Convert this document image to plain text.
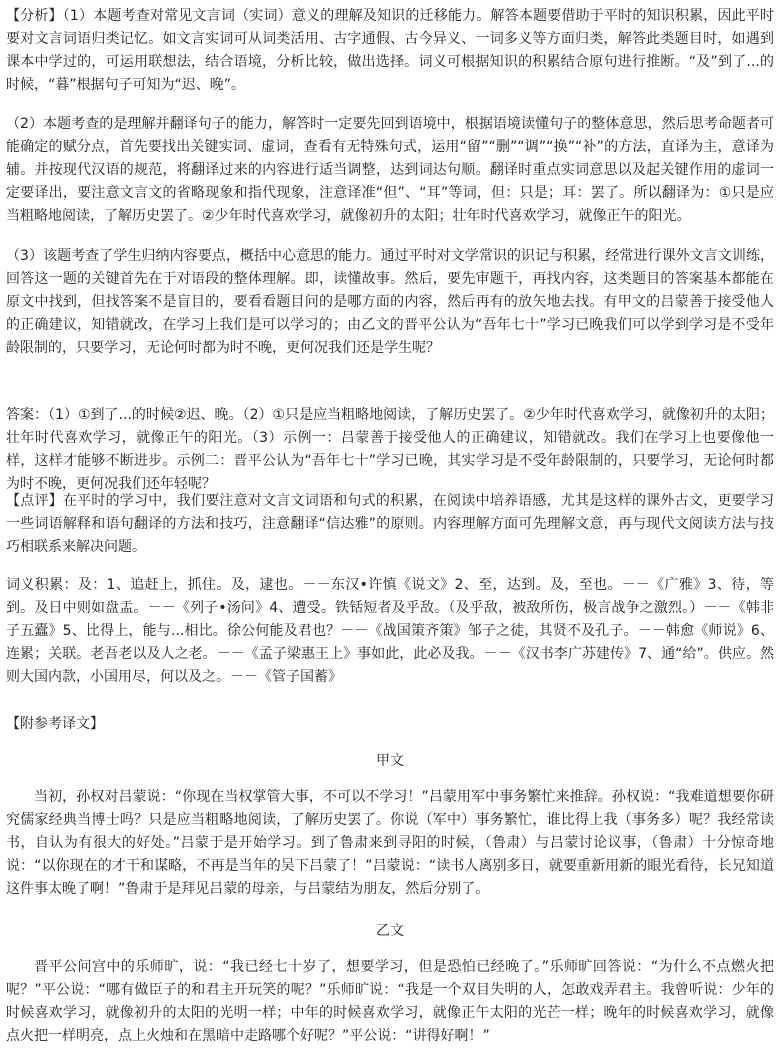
【分析】（1）本题考查对常见文言词（实词）意义的理解及知识的迁移能力。解答本题要借助于平时的知识积累，因此平时要对文言词语归类记忆。如文言实词可从词类活用、古字通假、古今异义、一词多义等方面归类，解答此类题目时，如遇到课本中学过的，可运用联想法，结合语境，分析比较，做出选择。词义可根据知识的积累结合原句进行推断。“及”到了...的时候，“暮”根据句子可知为“迟、晚”。

（2）本题考查的是理解并翻译句子的能力，解答时一定要先回到语境中，根据语境读懂句子的整体意思，然后思考命题者可能确定的赋分点，首先要找出关键实词、虚词，查看有无特殊句式，运用“留”“删”“调”“换”“补”的方法，直译为主，意译为辅。并按现代汉语的规范，将翻译过来的内容进行适当调整，达到词达句顺。翻译时重点实词意思以及起关键作用的虚词一定要译出，要注意文言文的省略现象和指代现象，注意译准“但”、“耳”等词，但：只是；耳：罢了。所以翻译为：①只是应当粗略地阅读，了解历史罢了。②少年时代喜欢学习，就像初升的太阳；壮年时代喜欢学习，就像正午的阳光。

（3）该题考查了学生归纳内容要点，概括中心意思的能力。通过平时对文学常识的识记与积累，经常进行课外文言文训练，回答这一题的关键首先在于对语段的整体理解。即，读懂故事。然后，要先审题干，再找内容，这类题目的答案基本都能在原文中找到，但找答案不是盲目的，要看看题目问的是哪方面的内容，然后再有的放矢地去找。有甲文的吕蒙善于接受他人的正确建议，知错就改，在学习上我们是可以学习的；由乙文的晋平公认为“吾年七十”学习已晚我们可以学到学习是不受年龄限制的，只要学习，无论何时都为时不晚，更何况我们还是学生呢？

答案：（1）①到了...的时候②迟、晚。（2）①只是应当粗略地阅读，了解历史罢了。②少年时代喜欢学习，就像初升的太阳；壮年时代喜欢学习，就像正午的阳光。（3）示例一：吕蒙善于接受他人的正确建议，知错就改。我们在学习上也要像他一样，这样才能够不断进步。示例二：晋平公认为“吾年七十”学习已晚，其实学习是不受年龄限制的，只要学习，无论何时都为时不晚，更何况我们还年轻呢？

【点评】在平时的学习中，我们要注意对文言文词语和句式的积累，在阅读中培养语感，尤其是这样的课外古文，更要学习一些词语解释和语句翻译的方法和技巧，注意翻译“信达雅”的原则。内容理解方面可先理解文意，再与现代文阅读方法与技巧相联系来解决问题。

词义积累：及：1、追赶上，抓住。及，逮也。－－东汉•许慎《说文》2、至，达到。及，至也。－－《广雅》3、待，等到。及日中则如盘盂。－－《列子•汤问》4、遭受。铁铦短者及乎敌。（及乎敌，被敌所伤，极言战争之激烈。）－－《韩非子五蠹》5、比得上，能与...相比。徐公何能及君也？－－《战国策齐策》邹子之徒，其贤不及孔子。－－韩愈《师说》6、连累；关联。老吾老以及人之老。－－《孟子梁惠王上》事如此，此必及我。－－《汉书李广苏建传》7、通“给”。供应。然则大国内款，小国用尽，何以及之。－－《管子国蓄》

【附参考译文】

甲文

当初，孙权对吕蒙说：“你现在当权掌管大事，不可以不学习！”吕蒙用军中事务繁忙来推辞。孙权说：“我难道想要你研究儒家经典当博士吗？只是应当粗略地阅读，了解历史罢了。你说（军中）事务繁忙，谁比得上我（事务多）呢？我经常读书，自认为有很大的好处。”吕蒙于是开始学习。到了鲁肃来到寻阳的时候，（鲁肃）与吕蒙讨论议事，（鲁肃）十分惊奇地说：“以你现在的才干和谋略，不再是当年的吴下吕蒙了！”吕蒙说：“读书人离别多日，就要重新用新的眼光看待，长兄知道这件事太晚了啊！”鲁肃于是拜见吕蒙的母亲，与吕蒙结为朋友，然后分别了。

乙文

晋平公问宫中的乐师旷，说：“我已经七十岁了，想要学习，但是恐怕已经晚了。”乐师旷回答说：“为什么不点燃火把呢？”平公说：“哪有做臣子的和君主开玩笑的呢？”乐师旷说：“我是一个双目失明的人，怎敢戏弄君主。我曾听说：少年的时候喜欢学习，就像初升的太阳的光明一样；中年的时候喜欢学习，就像正午太阳的光芒一样；晚年的时候喜欢学习，就像点火把一样明亮，点上火烛和在黑暗中走路哪个好呢？”平公说：“讲得好啊！”
